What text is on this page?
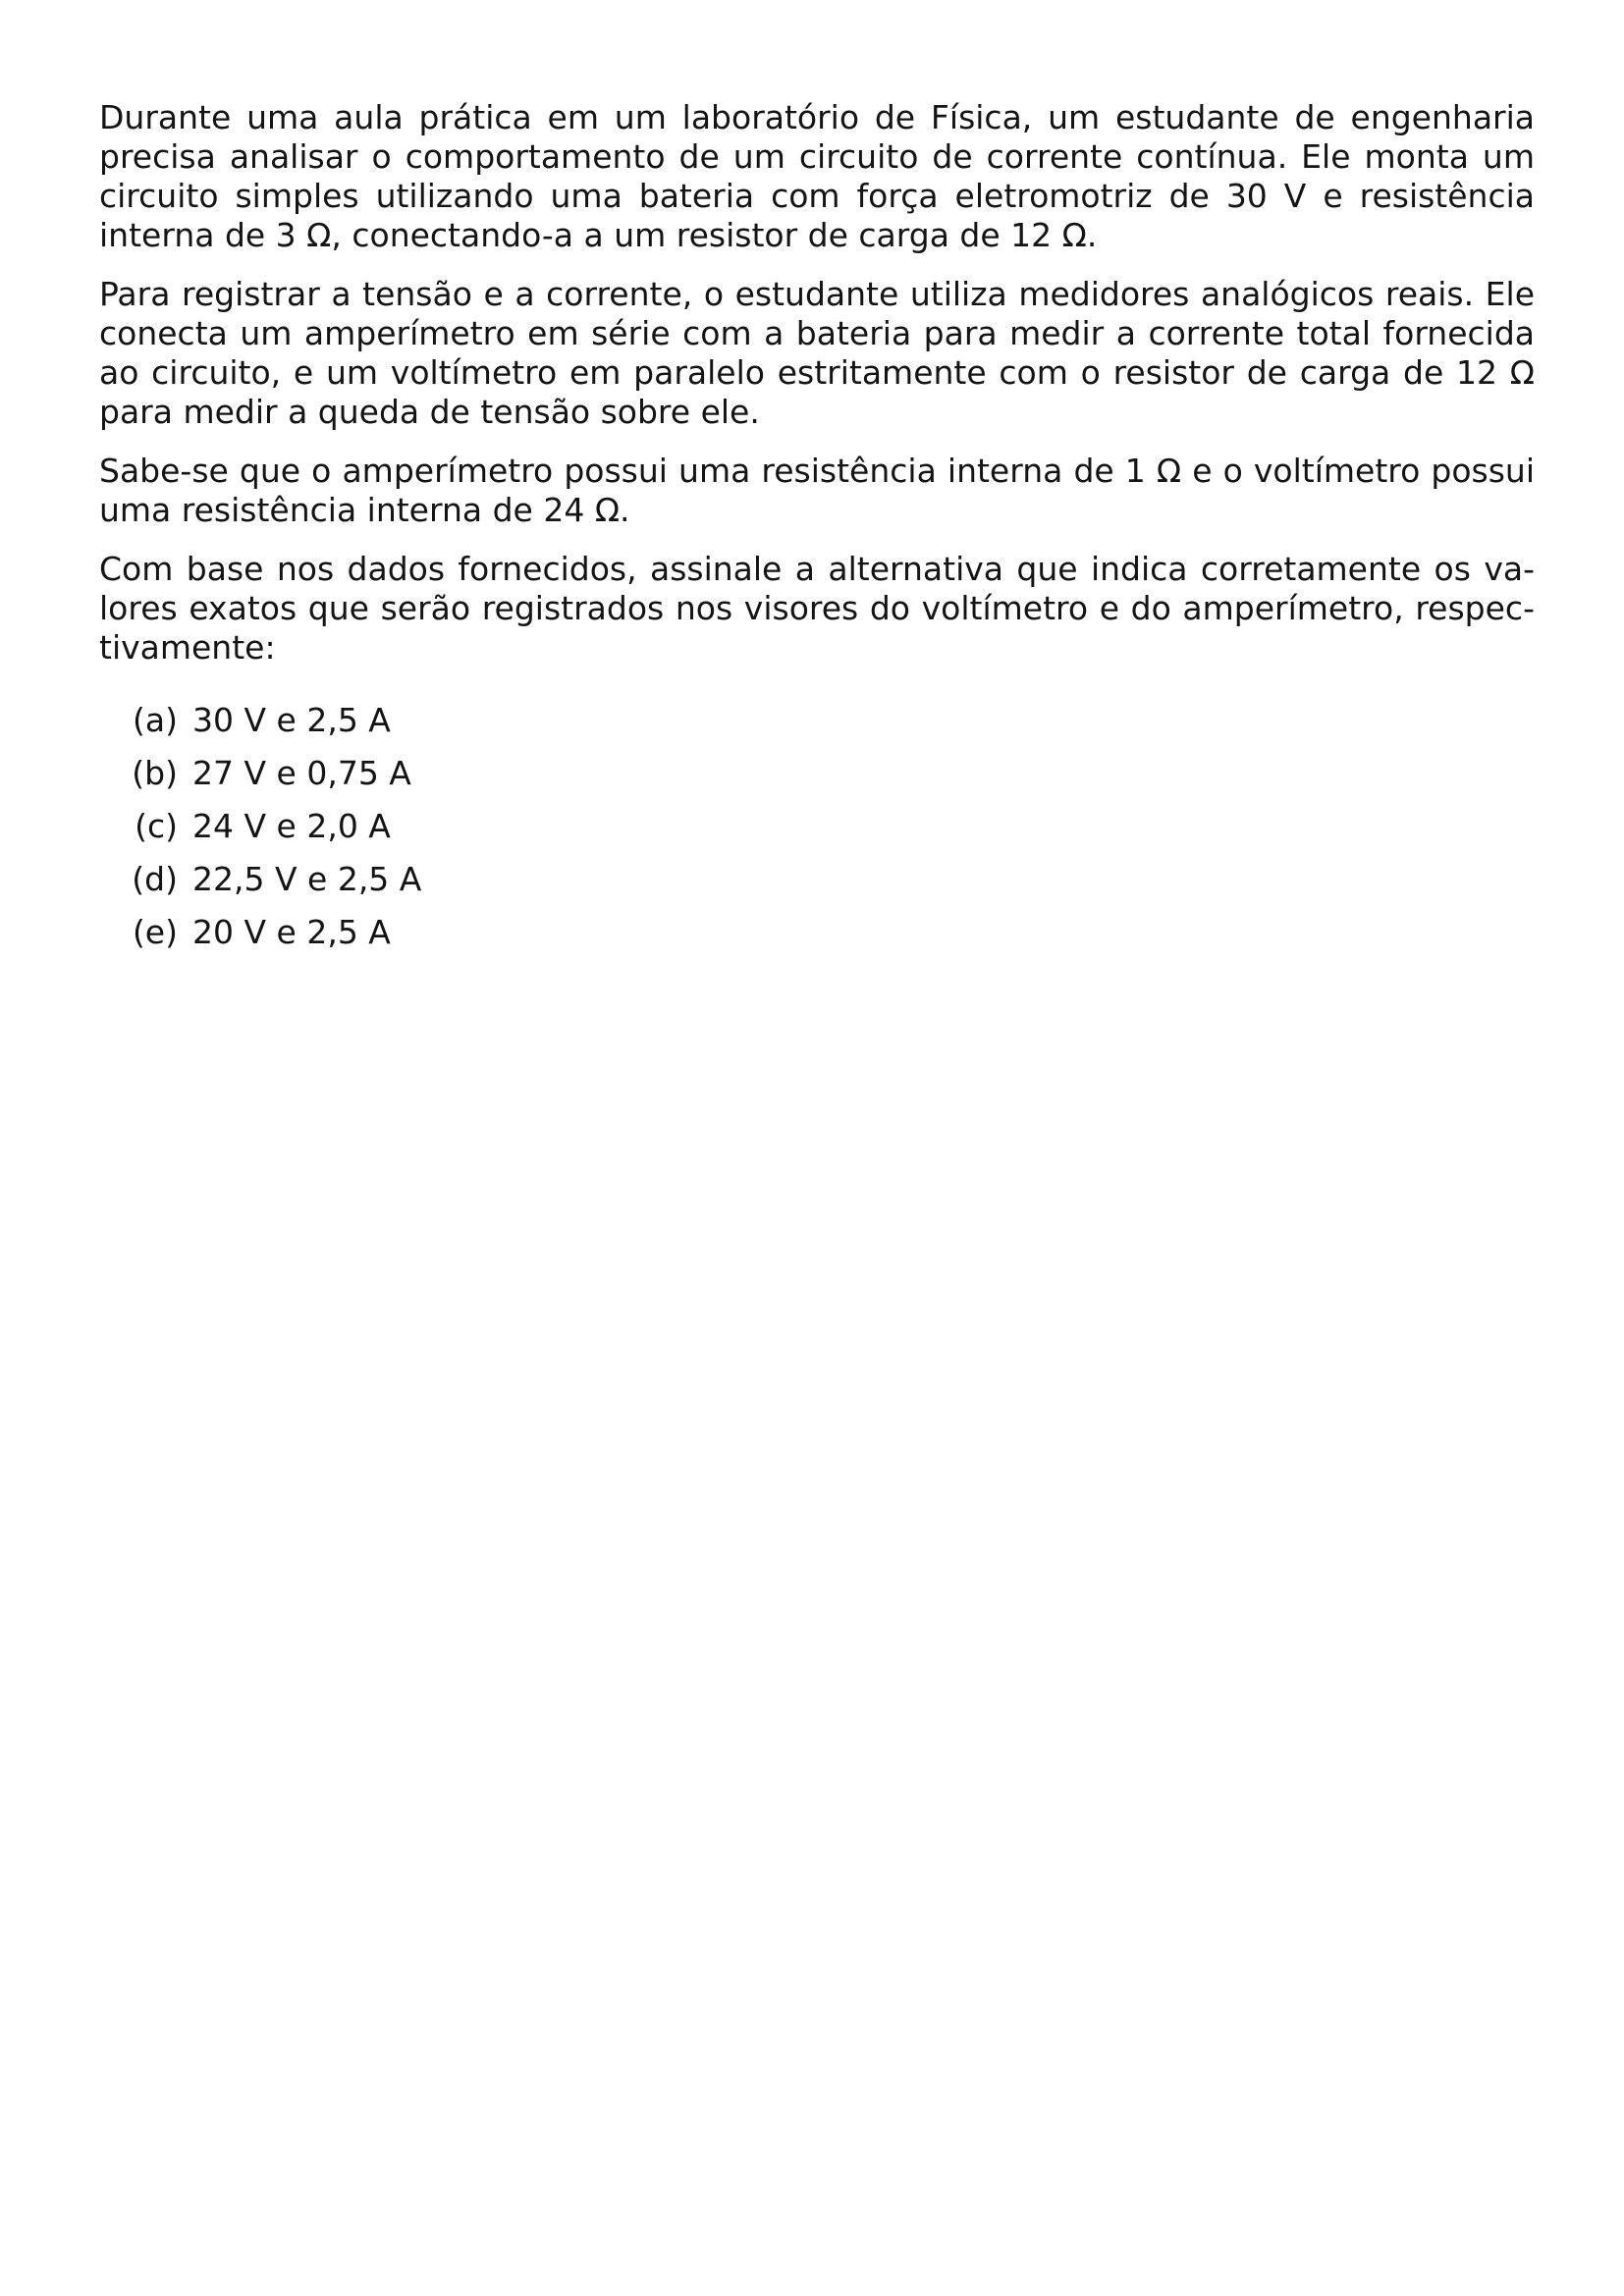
Durante uma aula prática em um laboratório de Física, um estudante de engenharia precisa analisar o comportamento de um circuito de corrente contínua. Ele monta um circuito simples utilizando uma bateria com força eletromotriz de 30 V e resistência interna de 3 Ω, conectando-a a um resistor de carga de 12 Ω.

Para registrar a tensão e a corrente, o estudante utiliza medidores analógicos reais. Ele conecta um amperímetro em série com a bateria para medir a corrente total fornecida ao circuito, e um voltímetro em paralelo estritamente com o resistor de carga de 12 Ω para medir a queda de tensão sobre ele.

Sabe-se que o amperímetro possui uma resistência interna de 1 Ω e o voltímetro possui uma resistência interna de 24 Ω.

Com base nos dados fornecidos, assinale a alternativa que indica corretamente os valores exatos que serão registrados nos visores do voltímetro e do amperímetro, respectivamente:

(a) 30 V e 2,5 A
(b) 27 V e 0,75 A
(c) 24 V e 2,0 A
(d) 22,5 V e 2,5 A
(e) 20 V e 2,5 A
